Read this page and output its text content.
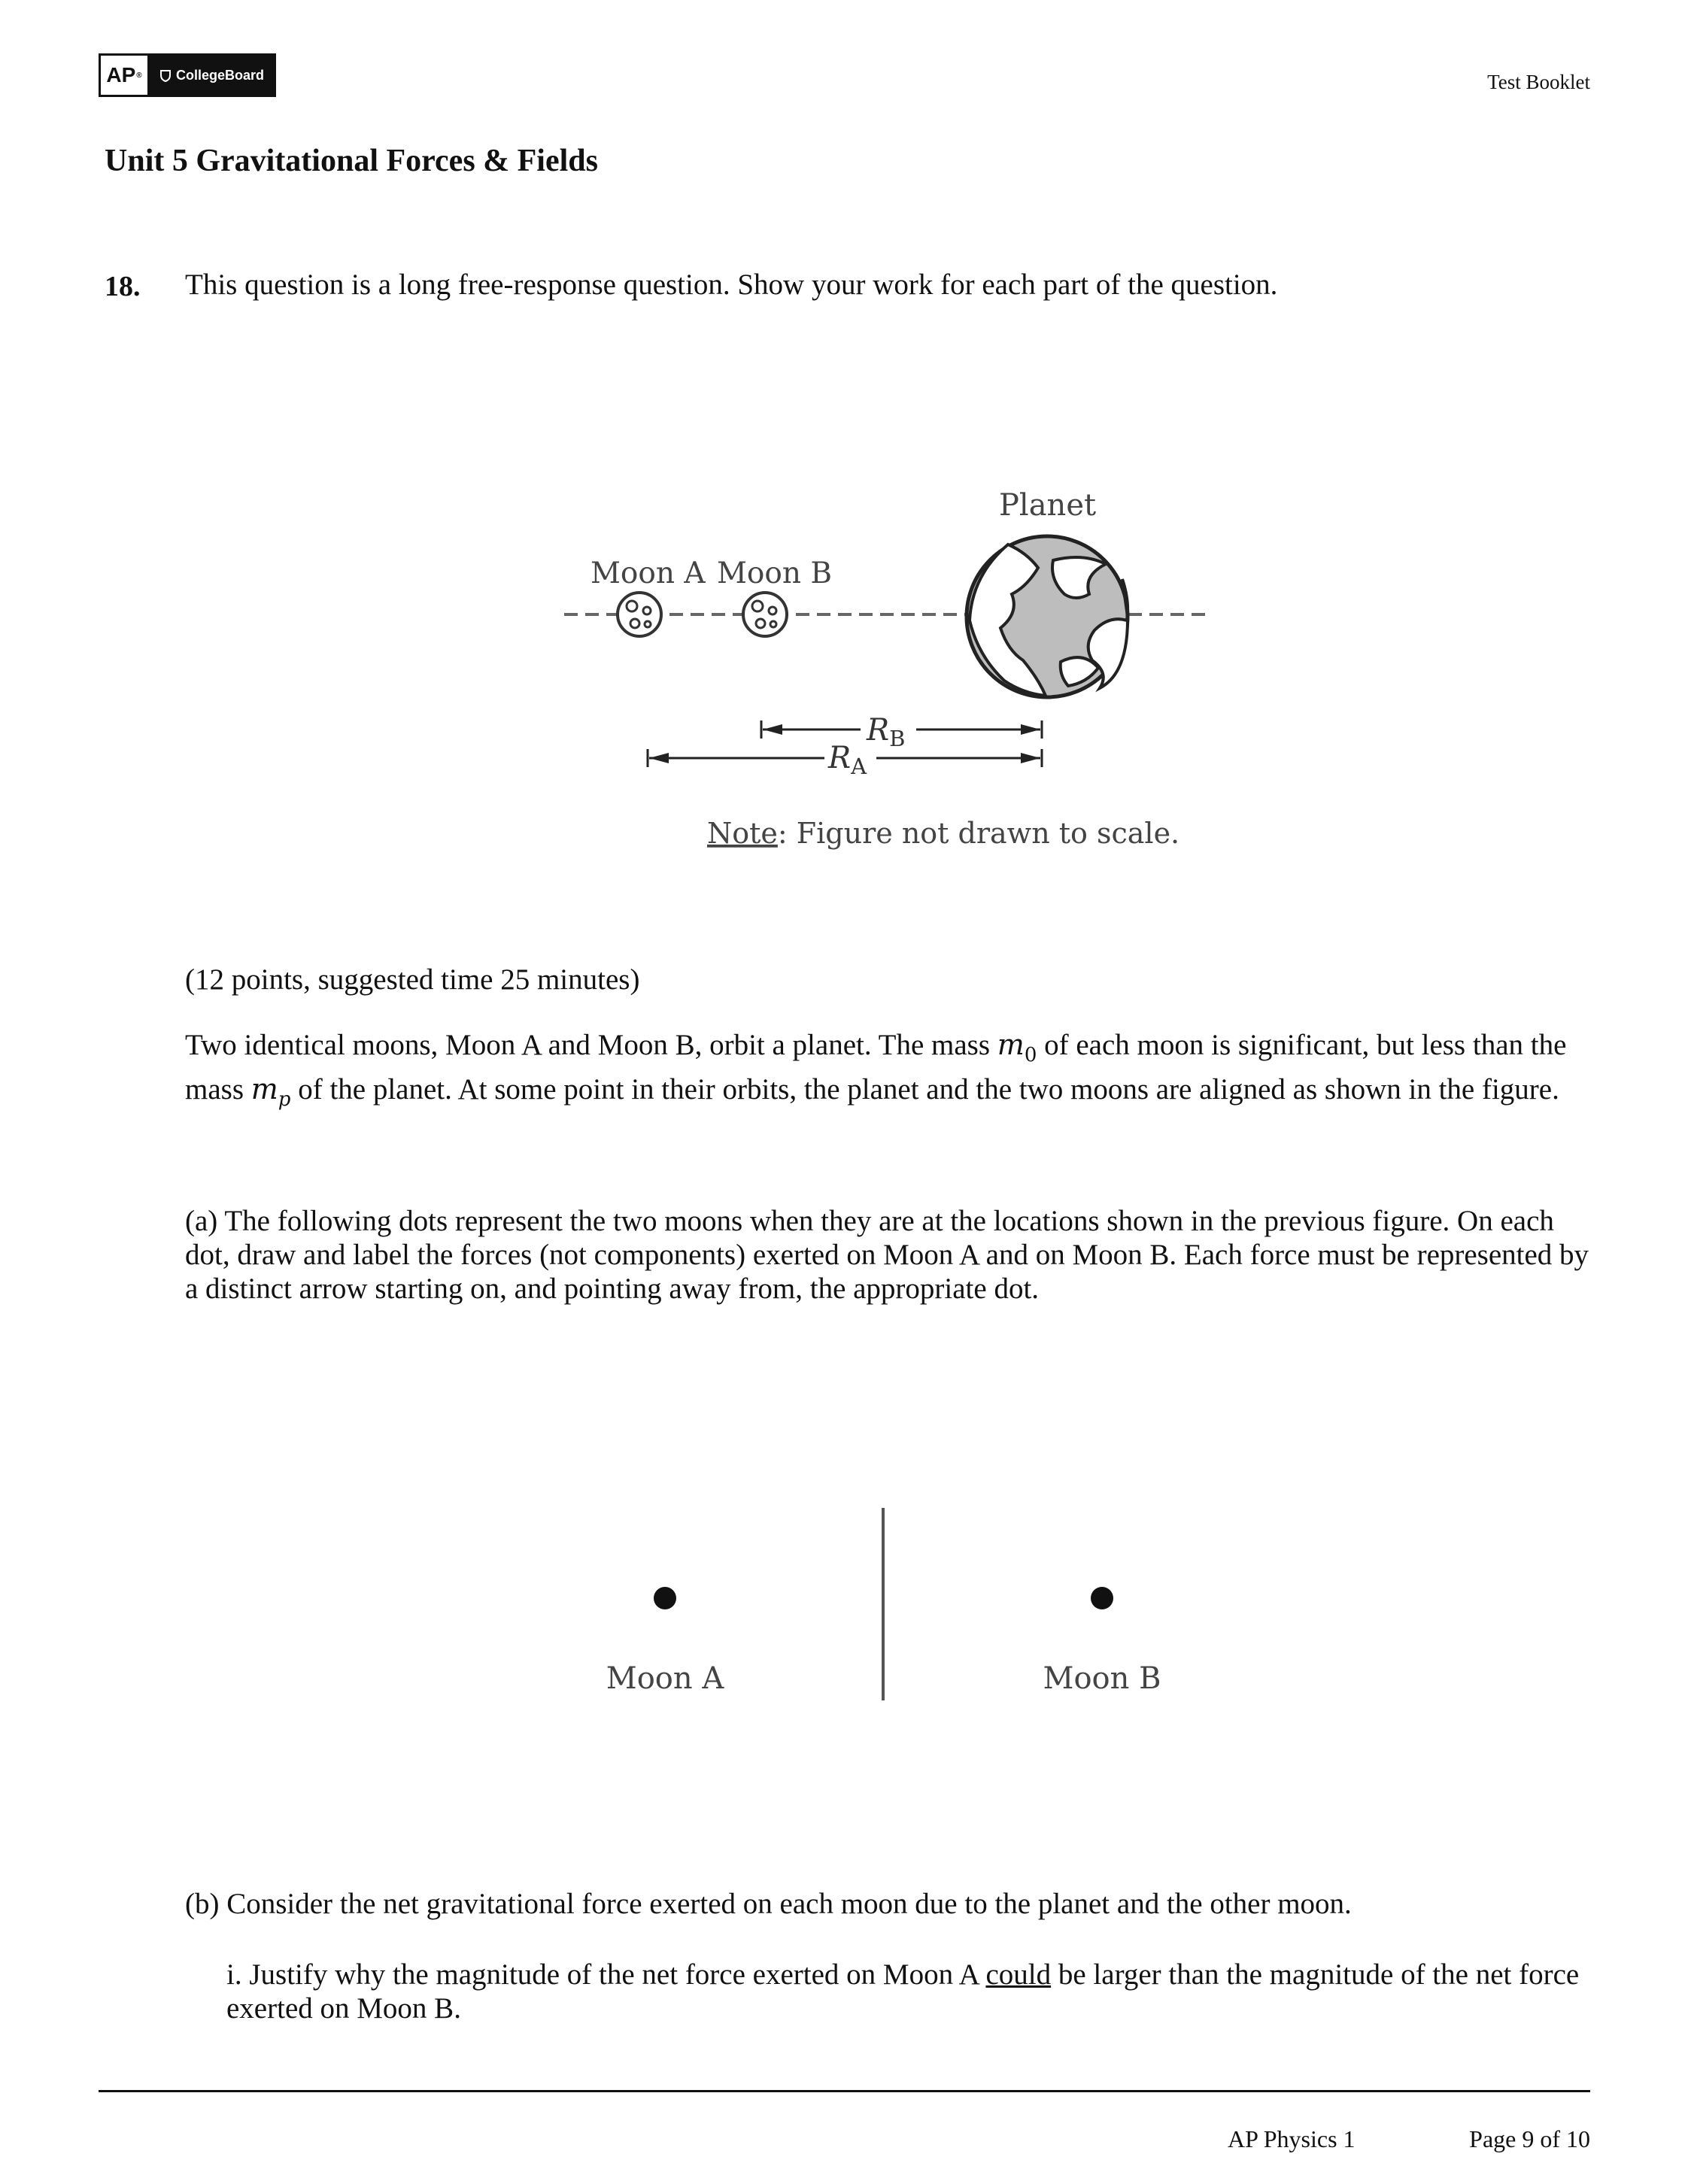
AP ®	CollegeBoard	Test Booklet
Unit 5 Gravitational Forces & Fields
18. This question is a long free-response question. Show your work for each part of the question.
Moon A Moon B
Planet
$R_B$
$R_A$
Note: Figure not drawn to scale.
(12 points, suggested time 25 minutes)
Two identical moons, Moon A and Moon B, orbit a planet. The mass $m_0$ of each moon is significant, but less than the mass $m_p$ of the planet. At some point in their orbits, the planet and the two moons are aligned as shown in the figure.
(a) The following dots represent the two moons when they are at the locations shown in the previous figure. On each dot, draw and label the forces (not components) exerted on Moon A and on Moon B. Each force must be represented by a distinct arrow starting on, and pointing away from, the appropriate dot.
Moon A	Moon B
(b) Consider the net gravitational force exerted on each moon due to the planet and the other moon.
i. Justify why the magnitude of the net force exerted on Moon A could be larger than the magnitude of the net force exerted on Moon B.
AP Physics 1	Page 9 of 10
